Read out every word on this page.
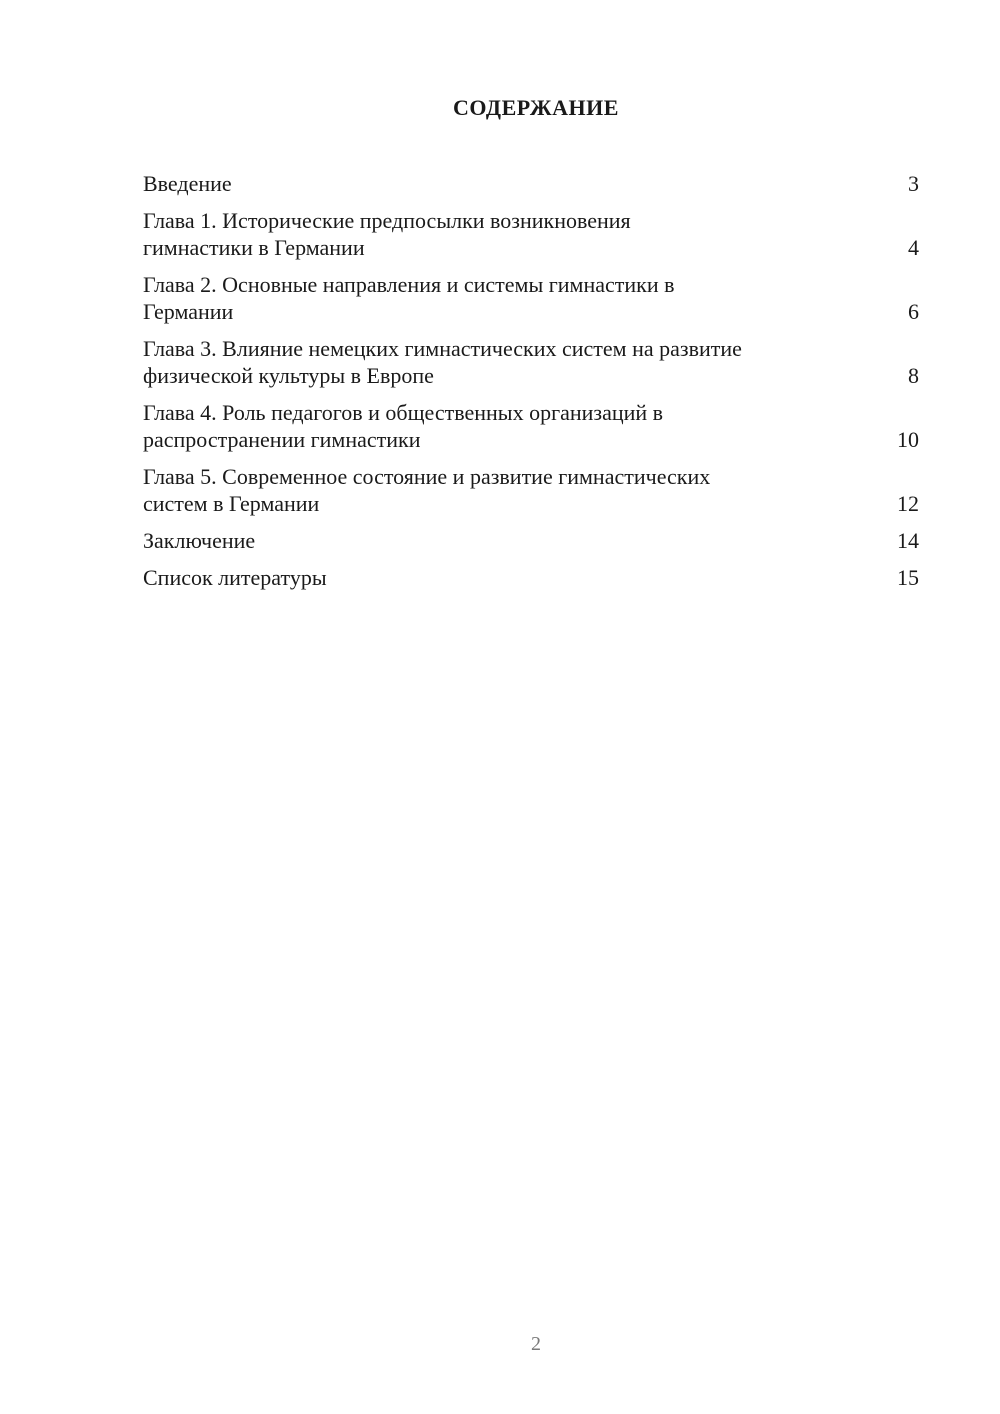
СОДЕРЖАНИЕ
Введение	3
Глава 1. Исторические предпосылки возникновения
гимнастики в Германии	4
Глава 2. Основные направления и системы гимнастики в
Германии	6
Глава 3. Влияние немецких гимнастических систем на развитие
физической культуры в Европе	8
Глава 4. Роль педагогов и общественных организаций в
распространении гимнастики	10
Глава 5. Современное состояние и развитие гимнастических
систем в Германии	12
Заключение	14
Список литературы	15
2
